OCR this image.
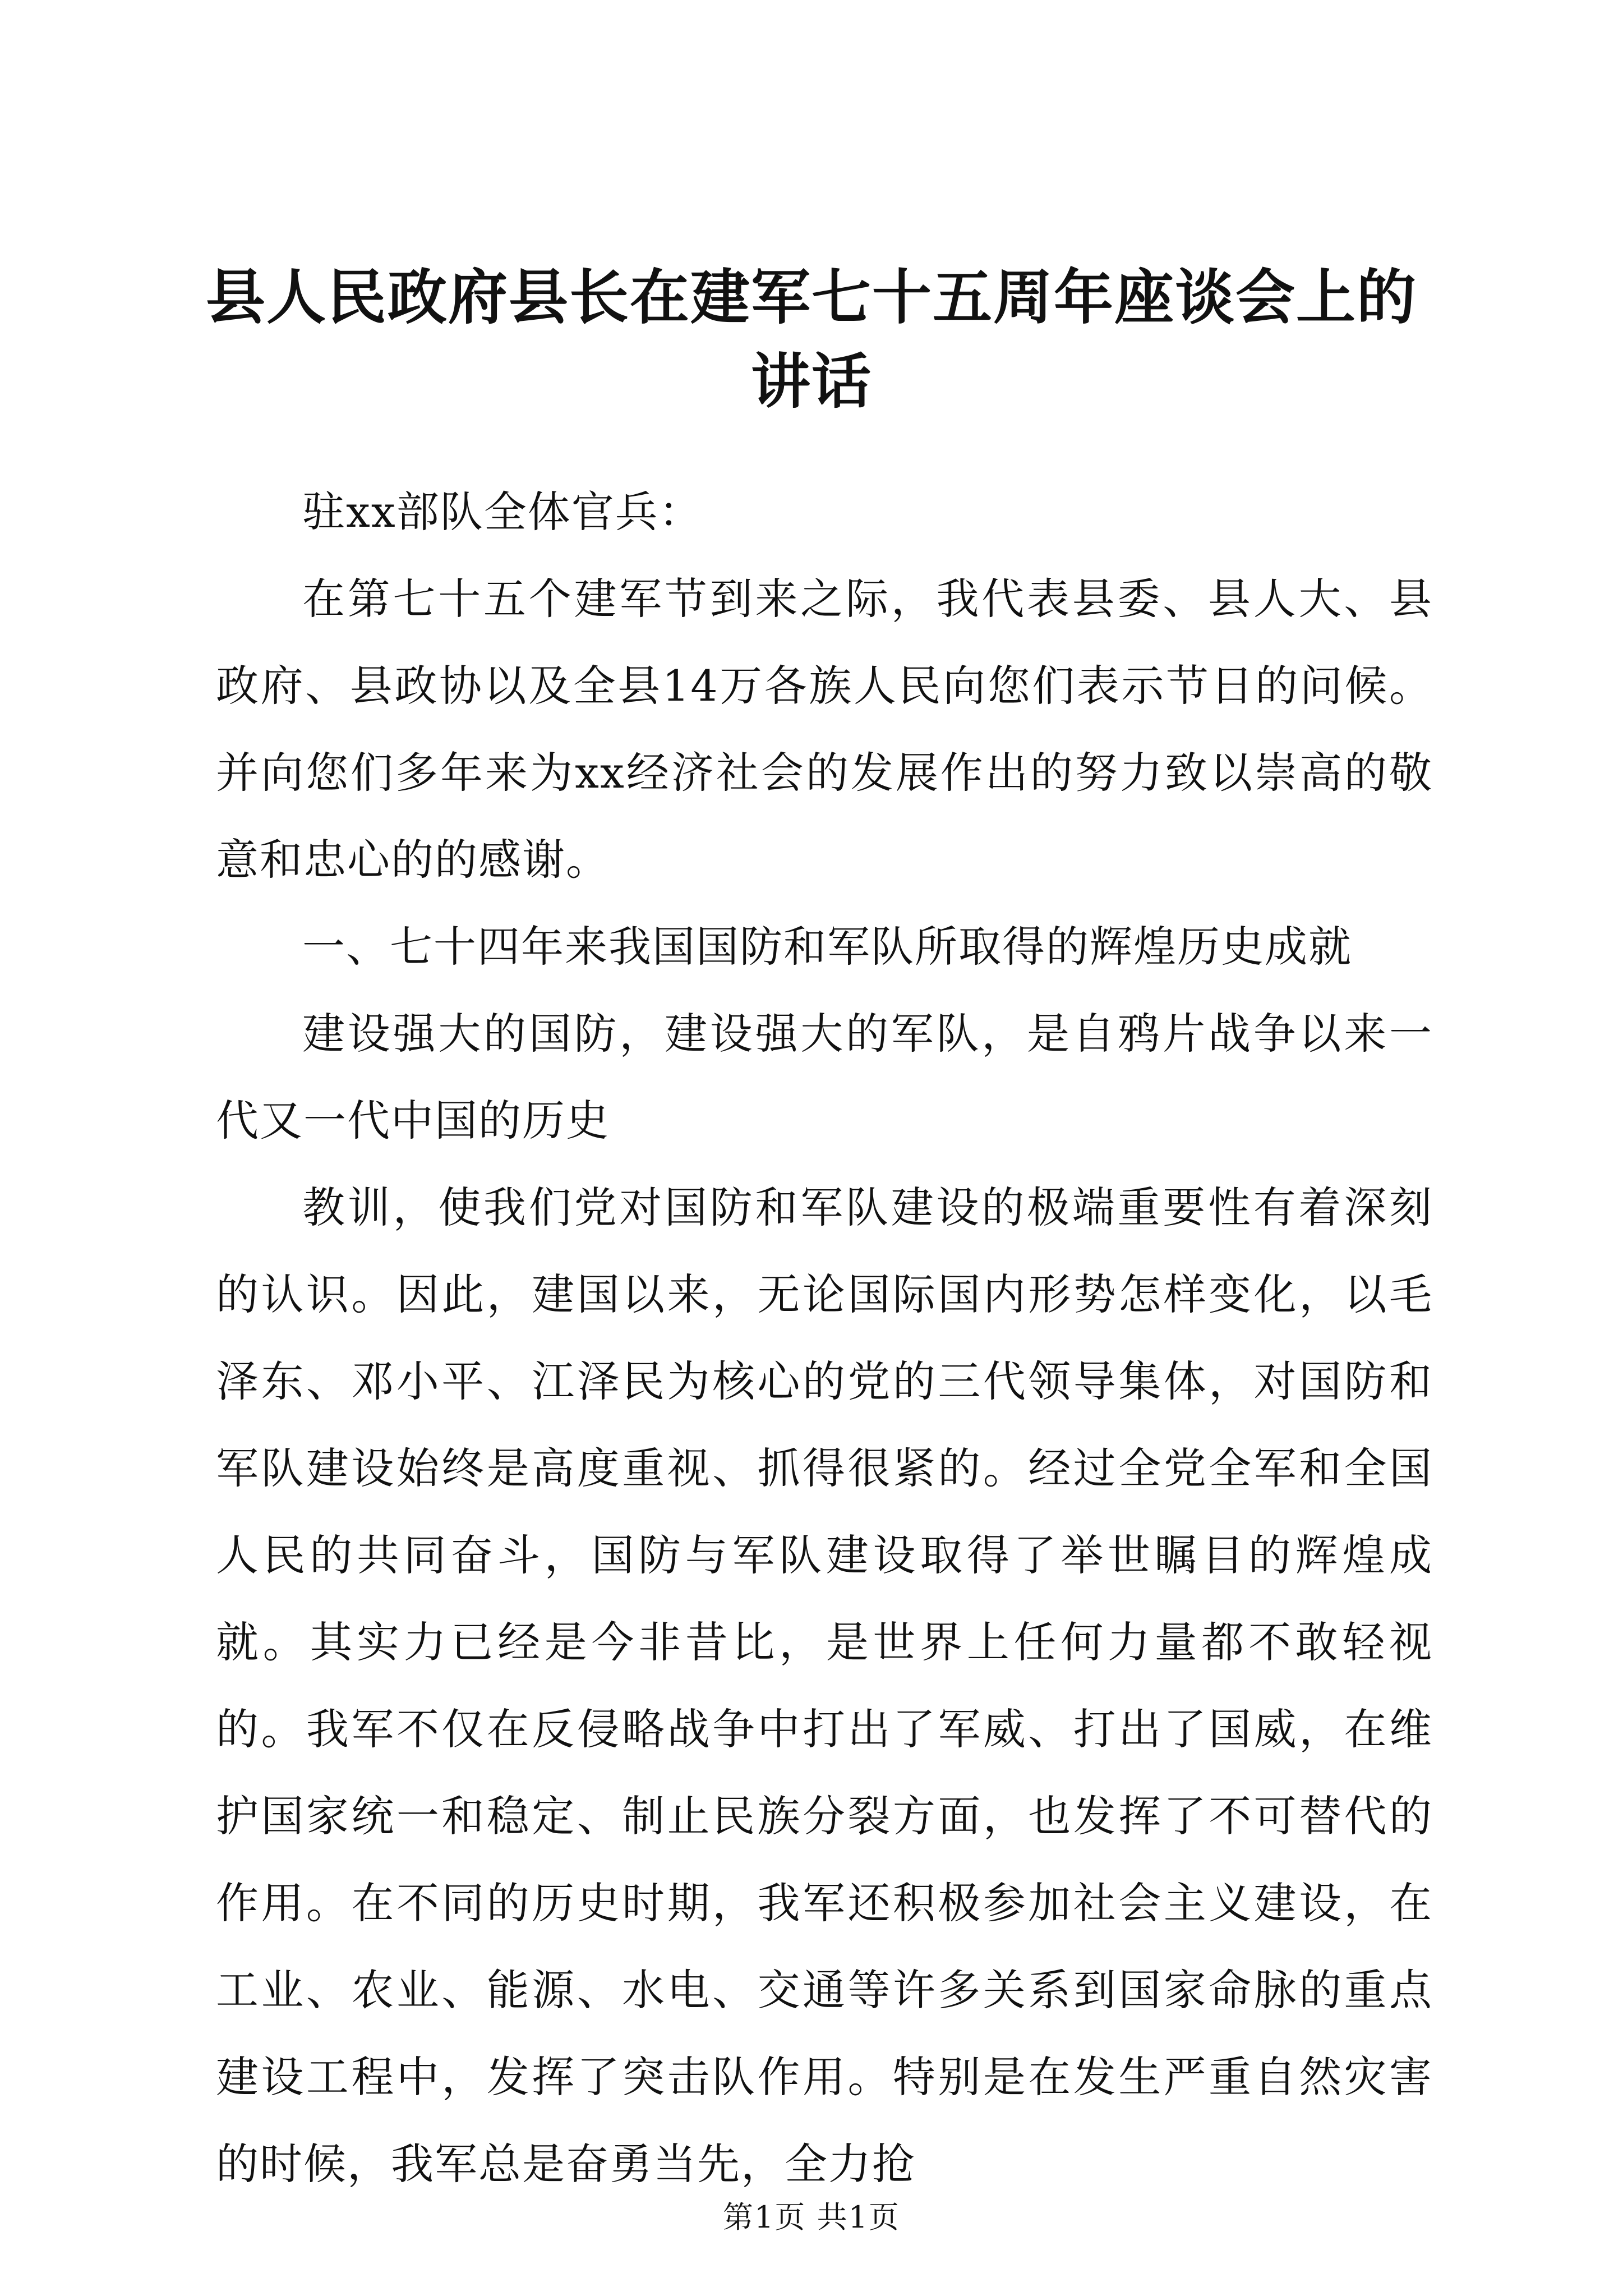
县人民政府县长在建军七十五周年座谈会上的
讲话

驻xx部队全体官兵：

在第七十五个建军节到来之际，我代表县委、县人大、县政府、县政协以及全县14万各族人民向您们表示节日的问候。并向您们多年来为xx经济社会的发展作出的努力致以崇高的敬意和忠心的的感谢。

一、七十四年来我国国防和军队所取得的辉煌历史成就

建设强大的国防，建设强大的军队，是自鸦片战争以来一代又一代中国的历史

教训，使我们党对国防和军队建设的极端重要性有着深刻的认识。因此，建国以来，无论国际国内形势怎样变化，以毛泽东、邓小平、江泽民为核心的党的三代领导集体，对国防和军队建设始终是高度重视、抓得很紧的。经过全党全军和全国人民的共同奋斗，国防与军队建设取得了举世瞩目的辉煌成就。其实力已经是今非昔比，是世界上任何力量都不敢轻视的。我军不仅在反侵略战争中打出了军威、打出了国威，在维护国家统一和稳定、制止民族分裂方面，也发挥了不可替代的作用。在不同的历史时期，我军还积极参加社会主义建设，在工业、农业、能源、水电、交通等许多关系到国家命脉的重点建设工程中，发挥了突击队作用。特别是在发生严重自然灾害的时候，我军总是奋勇当先，全力抢

第1页 共1页
